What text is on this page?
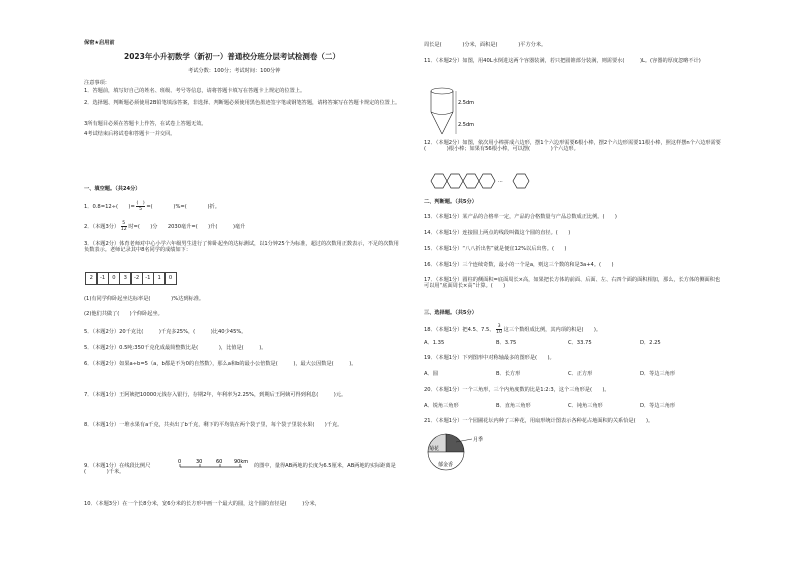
保密★启用前
2023年小升初数学（新初一）普通校分班分层考试检测卷（二）
考试分数：100分；考试时间：100分钟
注意事项：
1．答题前，填写好自己的姓名、班级、考号等信息，请将答题卡填写在答题卡上规定的位置上。
2．选择题、判断题必须使用2B铅笔填涂答案，非选择、判断题必须使用黑色墨迹签字笔或钢笔答题，请将答案写在答题卡规定的位置上。
3所有题目必须在答题卡上作答，在试卷上答题无效。
4考试结束后将试卷和答题卡一并交回。
一、填空题。（共24分）
1．0.8=12÷(　　)= $\frac{( )}{5}$ =(　　　　)%=(　　　　)折。
2．（本题3分） $\frac{5}{12}$ 时=(　　)分　　2030毫升=(　　)升(　　　)毫升
3．（本题2分）体育老师对中心小学六年级男生进行了仰卧起坐的达标测试，以1分钟25个为标准，超过的次数用正数表示，不足的次数用负数表示。老师记录其中8名同学的成绩如下：
2	-1	0	3	-2	-1	1	0
(1)有同学仰卧起坐达标率是(　　　　)%达到标准。
(2)他们共做了(　　)个仰卧起坐。
5．（本题2分）20千克比(　　　)千克多25%，(　　　)比40少45%。
5．（本题2分）0.5吨:350千克化成最简整数比是(　　　　)，比值是(　　　)。
6．（本题2分）如果a÷b=5（a，b都是不为0的自然数），那么a和b的最小公倍数是(　　　)，最大公因数是(　　　)。
7．（本题1分）王阿姨把10000元钱存入银行，存期2年，年利率为2.25%，到期后王阿姨可得到利息(　　　)元。
8．（本题1分）一堆水果有a千克，共卖出了b千克，剩下的平均装在两个袋子里，每个袋子里装水果(　　)千克。
9．（本题1分）在线段比例尺
0	30	60 90km
的图中，量得AB两地的长度为6.5厘米，AB两地的实际距离是(　　　　)千米。
10．（本题3分）在一个长8分米，宽6分米的长方形中画一个最大的圆，这个圆的直径是(　　　)分米，
周长是(　　　　)分米，面积是(　　　　)平方分米。
11．（本题2分）如图，用40L水倒进这两个容器装满，若只把圆锥部分装满，则需要水(　　　)L。(容器的厚度忽略不计)
2.5dm
2.5dm
12．（本题2分）如图，依次用小棒拼成六边形，摆1个六边形需要6根小棒，摆2个六边形需要11根小棒，照这样摆n个六边形需要(　　　　)根小棒；如果有56根小棒，可以摆(　　　　)个六边形。
···
二、判断题。（共5分）
13．（本题1分）某产品的合格率一定，产品的合格数量与产品总数成正比例。(　　)
14．（本题1分）连接圆上两点的线段叫做这个圆的直径。(　　)
15．（本题1分）“八八折出售”就是便宜12%以后出售。(　　)
16．（本题1分）三个连续奇数，最小的一个是a，则这三个数的和是3a+4。(　　)
17．（本题1分）圆柱的侧面积=底面周长×高，如果把长方体的前面、后面、左、右四个面的面积相加，那么，长方体的侧面积也可以用“底面周长×高”计算。(　　)
三、选择题。（共5分）
18．（本题1分）把4.5、7.5、 $\frac{3}{10}$ 这三个数组成比例，其内项的积是(　　)。
A．1.35	B．3.75	C．33.75	D．2.25
19．（本题1分）下列图形中对称轴最多的图形是(　　)。
A．圆	B．长方形	C．正方形	D．等边三角形
20．（本题1分）一个三角形，三个内角度数的比是1:2:3，这个三角形是(　　)。
A．锐角三角形	B．直角三角形	C．钝角三角形	D．等边三角形
21．（本题1分）一个园圃花坛内种了三种花，用扇形统计图表示各种花占地面积的关系恰是(　　)。
月季
菊花
郁金香
